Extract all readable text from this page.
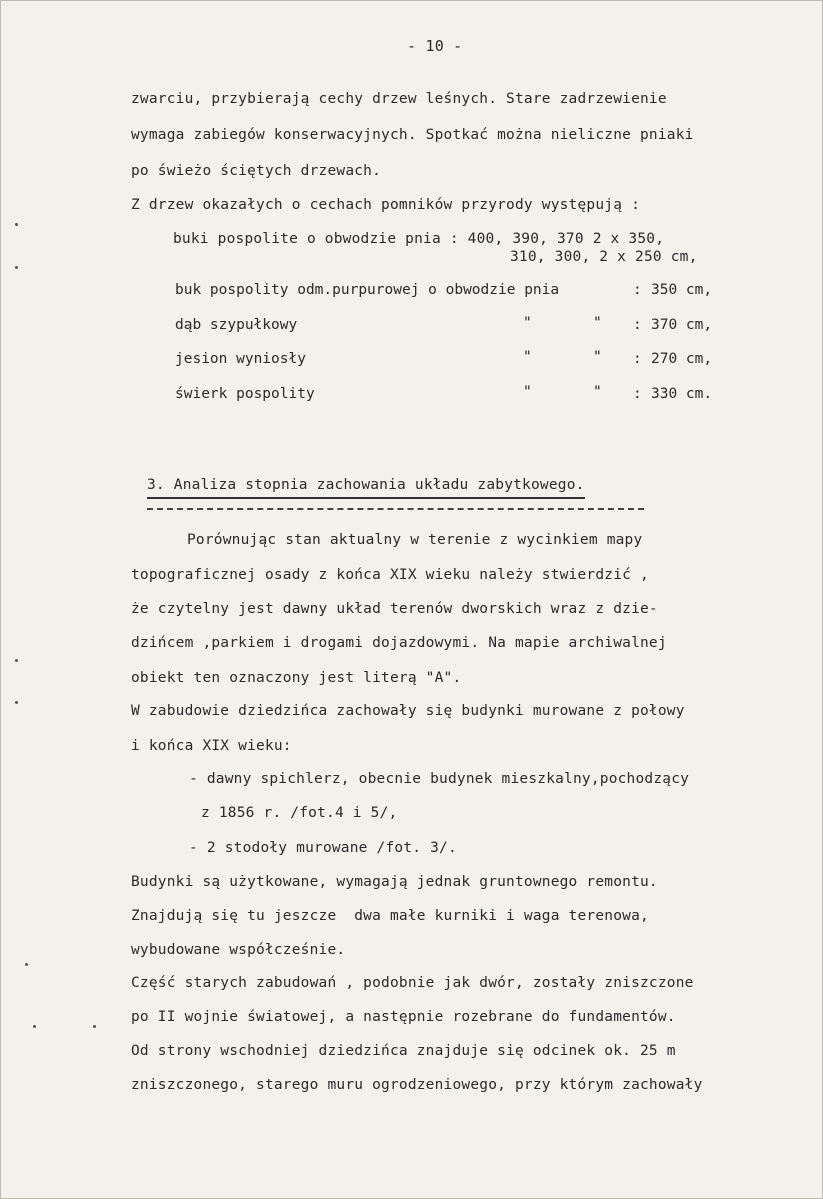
- 10 -
zwarciu, przybierają cechy drzew leśnych. Stare zadrzewienie
wymaga zabiegów konserwacyjnych. Spotkać można nieliczne pniaki
po świeżo ściętych drzewach.
Z drzew okazałych o cechach pomników przyrody występują :
buki pospolite o obwodzie pnia : 400, 390, 370 2 x 350,
310, 300, 2 x 250 cm,
buk pospolity odm.purpurowej o obwodzie pnia	: 350 cm,
dąb szypułkowy	"	" : 370 cm,
jesion wyniosły	"	" : 270 cm,
świerk pospolity	"	" : 330 cm.
3. Analiza stopnia zachowania układu zabytkowego.
Porównując stan aktualny w terenie z wycinkiem mapy
topograficznej osady z końca XIX wieku należy stwierdzić ,
że czytelny jest dawny układ terenów dworskich wraz z dzie-
dzińcem ,parkiem i drogami dojazdowymi. Na mapie archiwalnej
obiekt ten oznaczony jest literą "A".
W zabudowie dziedzińca zachowały się budynki murowane z połowy
i końca XIX wieku:
- dawny spichlerz, obecnie budynek mieszkalny,pochodzący
z 1856 r. /fot.4 i 5/,
- 2 stodoły murowane /fot. 3/.
Budynki są użytkowane, wymagają jednak gruntownego remontu.
Znajdują się tu jeszcze  dwa małe kurniki i waga terenowa,
wybudowane współcześnie.
Część starych zabudowań , podobnie jak dwór, zostały zniszczone
po II wojnie światowej, a następnie rozebrane do fundamentów.
Od strony wschodniej dziedzińca znajduje się odcinek ok. 25 m
zniszczonego, starego muru ogrodzeniowego, przy którym zachowały
